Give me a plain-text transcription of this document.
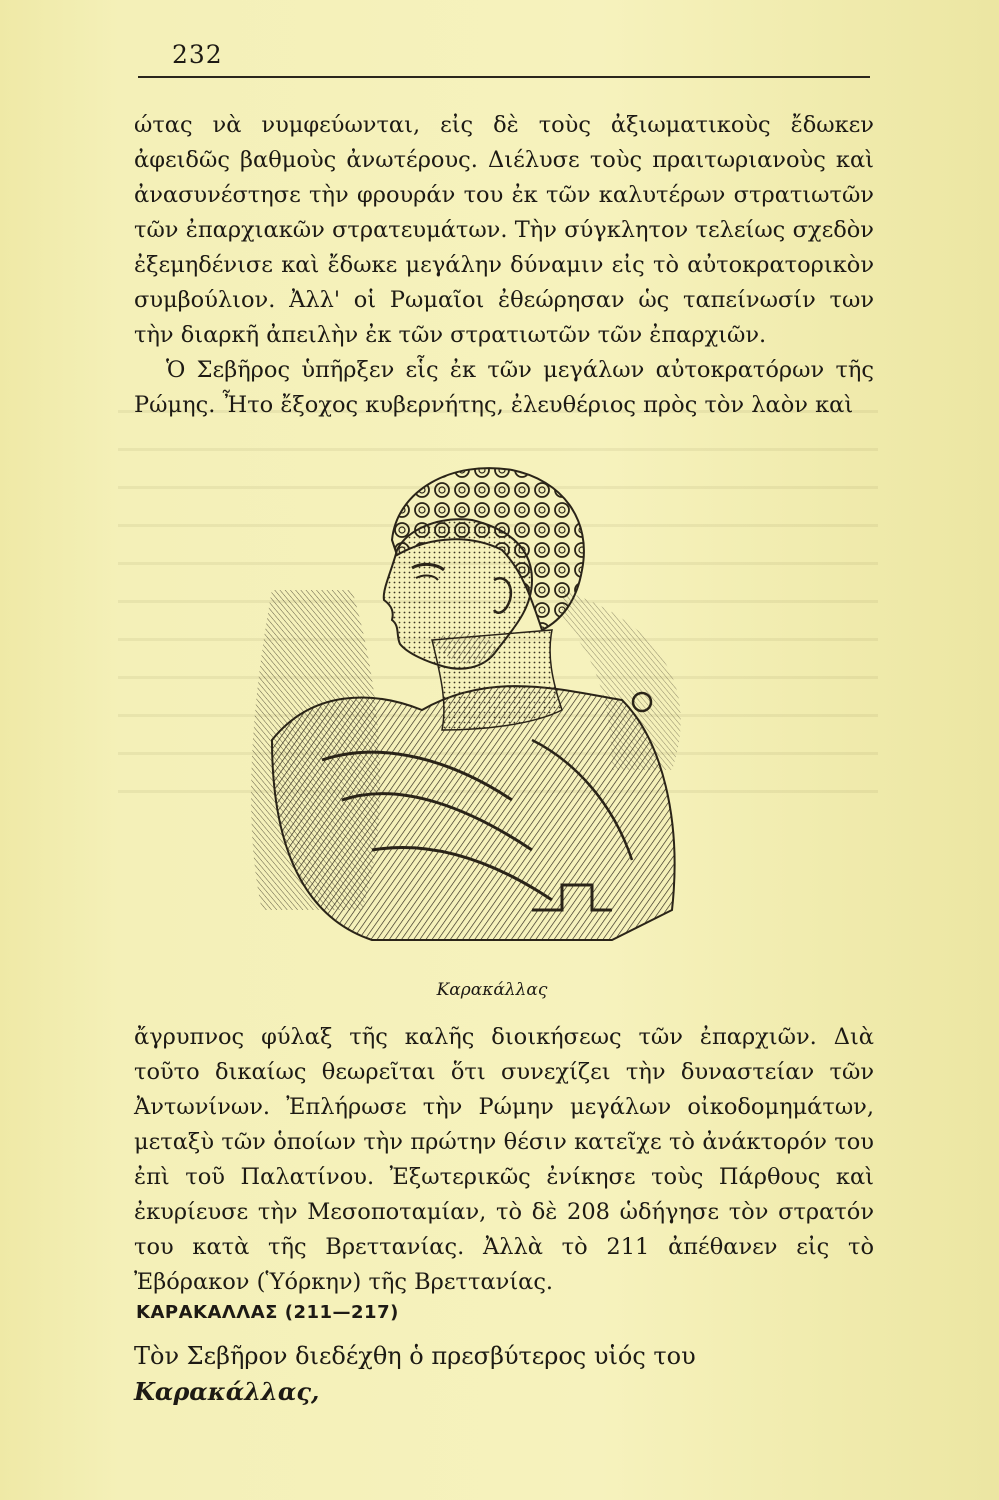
232

ώτας νὰ νυμφεύωνται, εἰς δὲ τοὺς ἀξιωματικοὺς ἔδωκεν ἀφειδῶς βαθμοὺς ἀνωτέρους. Διέλυσε τοὺς πραιτωριανοὺς καὶ ἀνασυνέστησε τὴν φρουράν του ἐκ τῶν καλυτέρων στρατιωτῶν τῶν ἐπαρχιακῶν στρατευμάτων. Τὴν σύγκλητον τελείως σχεδὸν ἐξεμηδένισε καὶ ἔδωκε μεγάλην δύναμιν εἰς τὸ αὐτοκρατορικὸν συμβούλιον. Ἀλλ' οἱ Ρωμαῖοι ἐθεώρησαν ὡς ταπείνωσίν των τὴν διαρκῆ ἀπειλὴν ἐκ τῶν στρατιωτῶν τῶν ἐπαρχιῶν.

Ὁ Σεβῆρος ὑπῆρξεν εἷς ἐκ τῶν μεγάλων αὐτοκρατόρων τῆς Ρώμης. Ἦτο ἔξοχος κυβερνήτης, ἐλευθέριος πρὸς τὸν λαὸν καὶ

Καρακάλλας

ἄγρυπνος φύλαξ τῆς καλῆς διοικήσεως τῶν ἐπαρχιῶν. Διὰ τοῦτο δικαίως θεωρεῖται ὅτι συνεχίζει τὴν δυναστείαν τῶν Ἀντωνίνων. Ἐπλήρωσε τὴν Ρώμην μεγάλων οἰκοδομημάτων, μεταξὺ τῶν ὁποίων τὴν πρώτην θέσιν κατεῖχε τὸ ἀνάκτορόν του ἐπὶ τοῦ Παλατίνου. Ἐξωτερικῶς ἐνίκησε τοὺς Πάρθους καὶ ἐκυρίευσε τὴν Μεσοποταμίαν, τὸ δὲ 208 ὡδήγησε τὸν στρατόν του κατὰ τῆς Βρεττανίας. Ἀλλὰ τὸ 211 ἀπέθανεν εἰς τὸ Ἐβόρακον (Ὑόρκην) τῆς Βρεττανίας.

ΚΑΡΑΚΑΛΛΑΣ (211—217)
Τὸν Σεβῆρον διεδέχθη ὁ πρεσβύτερος υἱός του Καρακάλλας,
